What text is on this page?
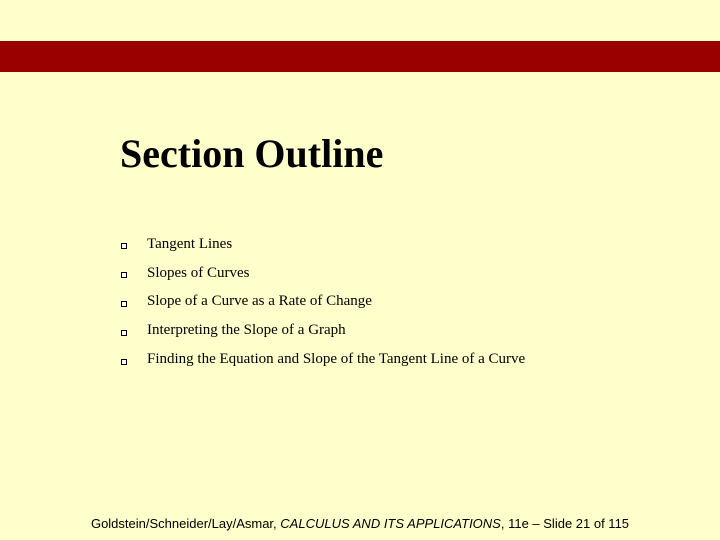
Section Outline
Tangent Lines
Slopes of Curves
Slope of a Curve as a Rate of Change
Interpreting the Slope of a Graph
Finding the Equation and Slope of the Tangent Line of a Curve
Goldstein/Schneider/Lay/Asmar, CALCULUS AND ITS APPLICATIONS, 11e – Slide 21 of 115
